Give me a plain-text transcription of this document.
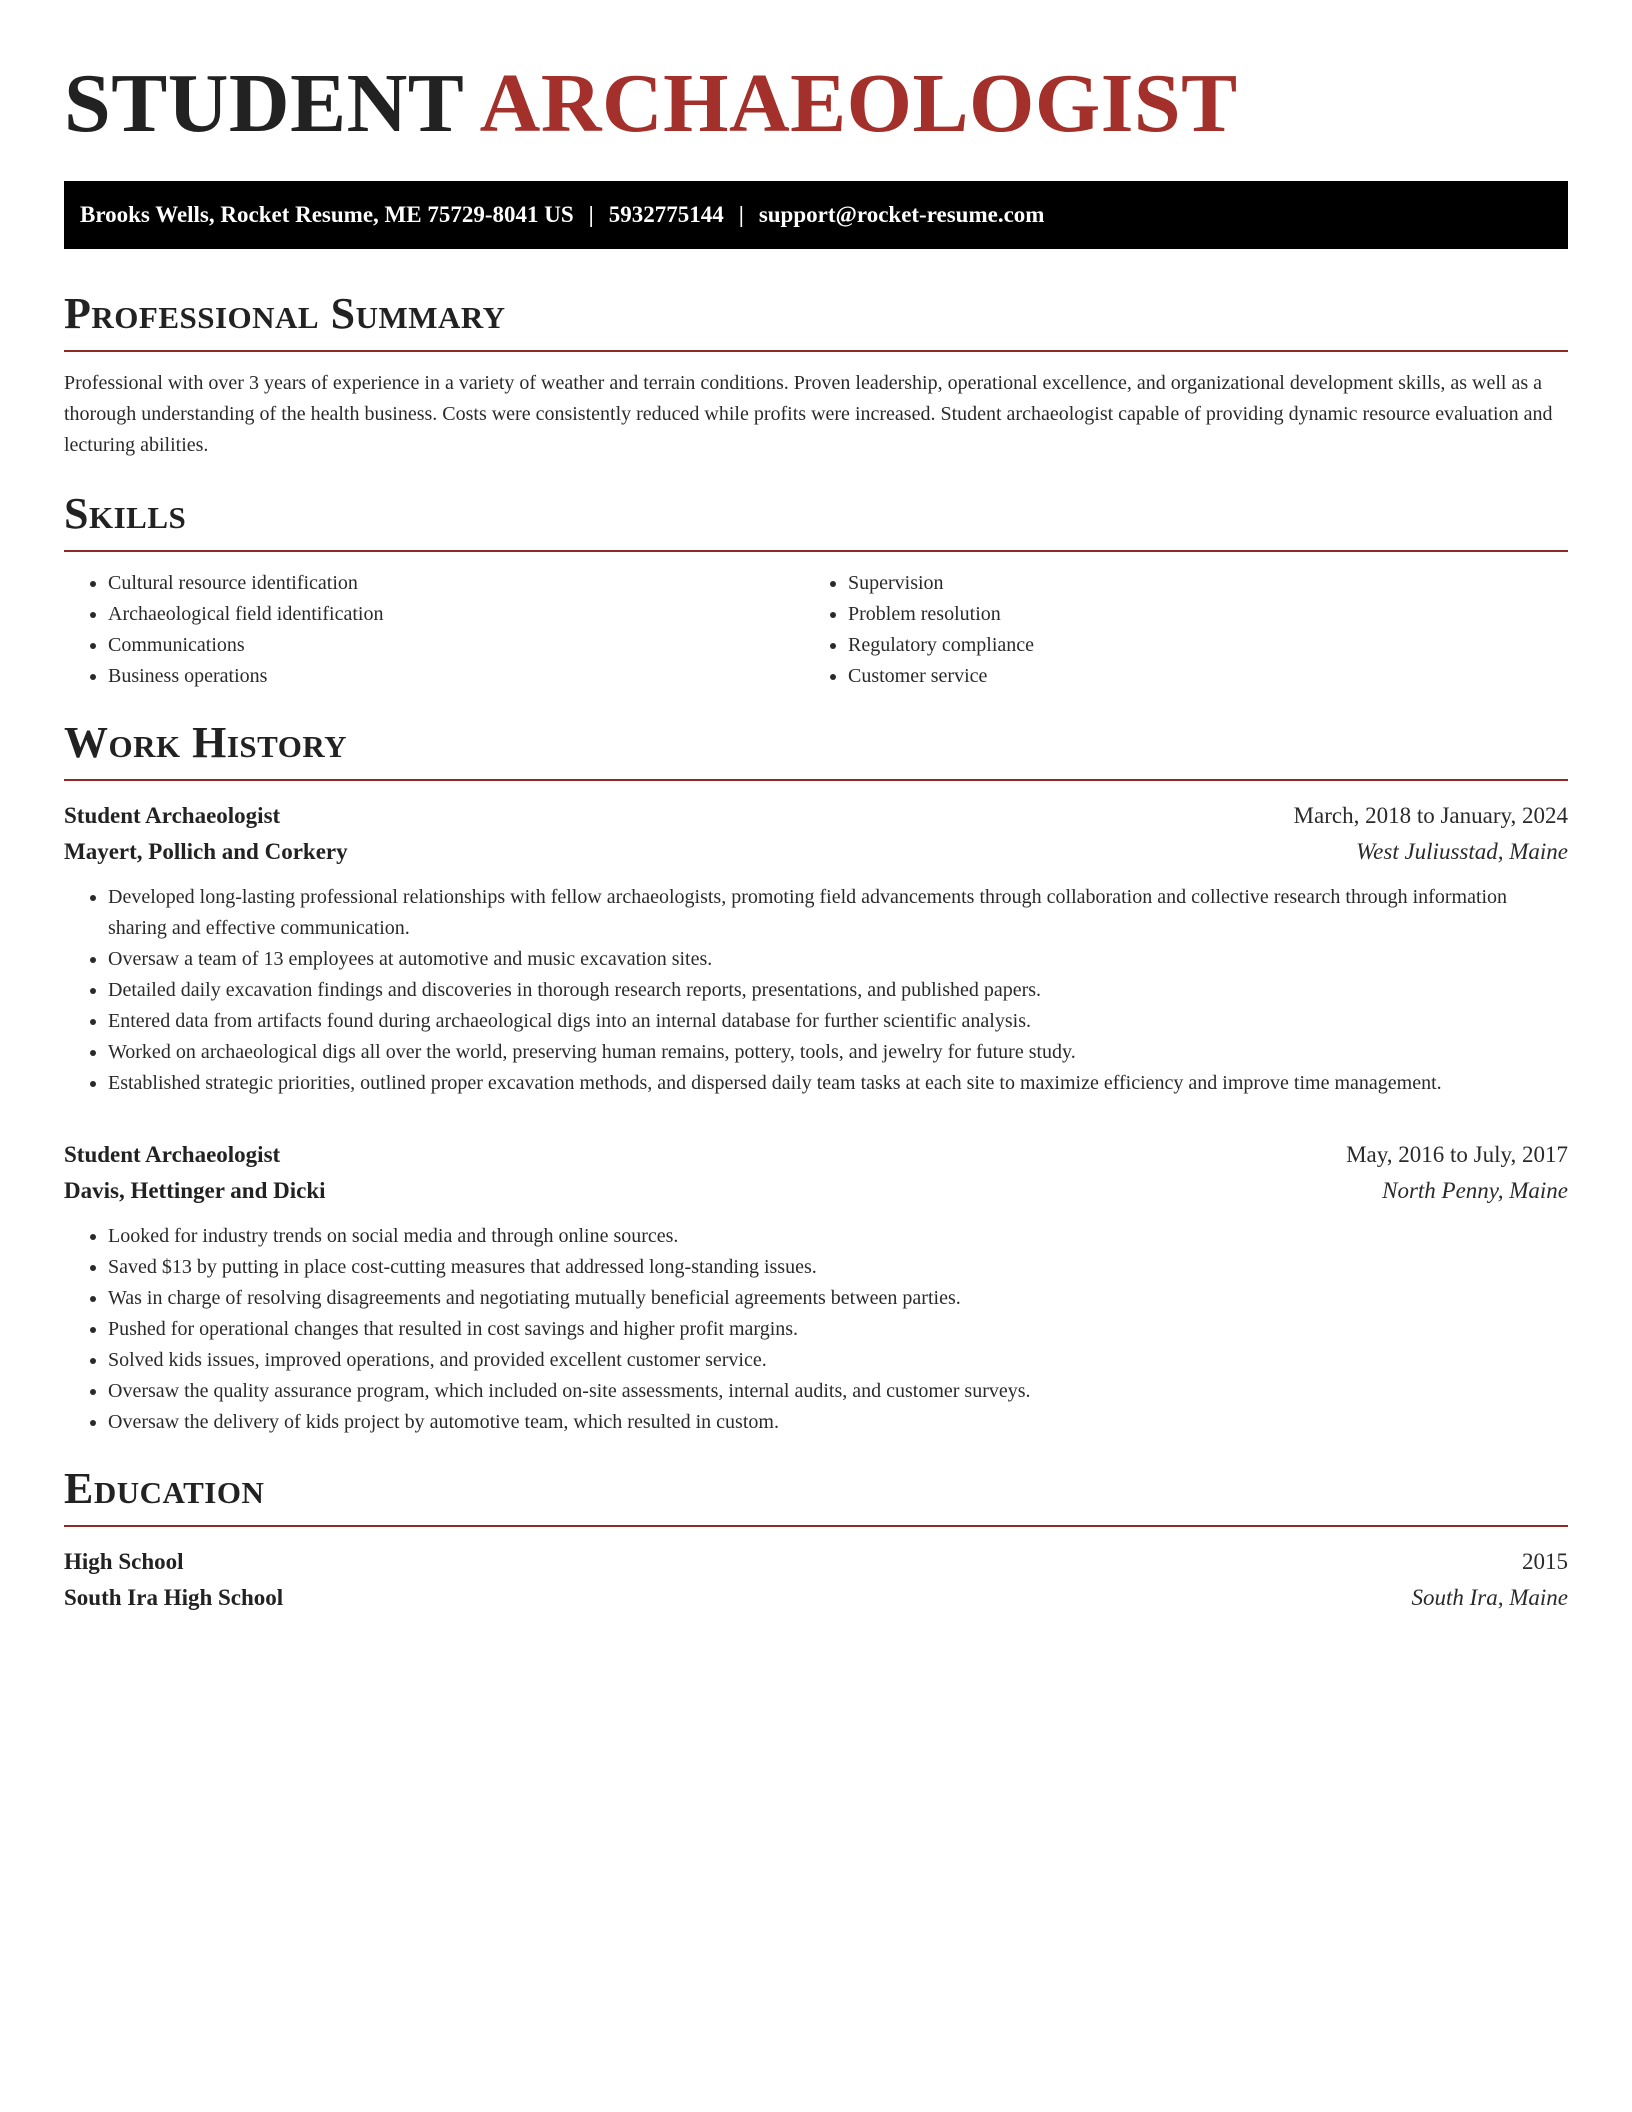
STUDENT ARCHAEOLOGIST
Brooks Wells, Rocket Resume, ME 75729-8041 US | 5932775144 | support@rocket-resume.com
Professional Summary

Professional with over 3 years of experience in a variety of weather and terrain conditions. Proven leadership, operational excellence, and organizational development skills, as well as a thorough understanding of the health business. Costs were consistently reduced while profits were increased. Student archaeologist capable of providing dynamic resource evaluation and lecturing abilities.

Skills
• Cultural resource identification
• Archaeological field identification
• Communications
• Business operations
• Supervision
• Problem resolution
• Regulatory compliance
• Customer service
Work History
Student Archaeologist	March, 2018 to January, 2024
Mayert, Pollich and Corkery	West Juliusstad, Maine
• Developed long-lasting professional relationships with fellow archaeologists, promoting field advancements through collaboration and collective research through information sharing and effective communication.
• Oversaw a team of 13 employees at automotive and music excavation sites.
• Detailed daily excavation findings and discoveries in thorough research reports, presentations, and published papers.
• Entered data from artifacts found during archaeological digs into an internal database for further scientific analysis.
• Worked on archaeological digs all over the world, preserving human remains, pottery, tools, and jewelry for future study.
• Established strategic priorities, outlined proper excavation methods, and dispersed daily team tasks at each site to maximize efficiency and improve time management.
Student Archaeologist	May, 2016 to July, 2017
Davis, Hettinger and Dicki	North Penny, Maine
• Looked for industry trends on social media and through online sources.
• Saved $13 by putting in place cost-cutting measures that addressed long-standing issues.
• Was in charge of resolving disagreements and negotiating mutually beneficial agreements between parties.
• Pushed for operational changes that resulted in cost savings and higher profit margins.
• Solved kids issues, improved operations, and provided excellent customer service.
• Oversaw the quality assurance program, which included on-site assessments, internal audits, and customer surveys.
• Oversaw the delivery of kids project by automotive team, which resulted in custom.
Education
High School	2015
South Ira High School	South Ira, Maine
